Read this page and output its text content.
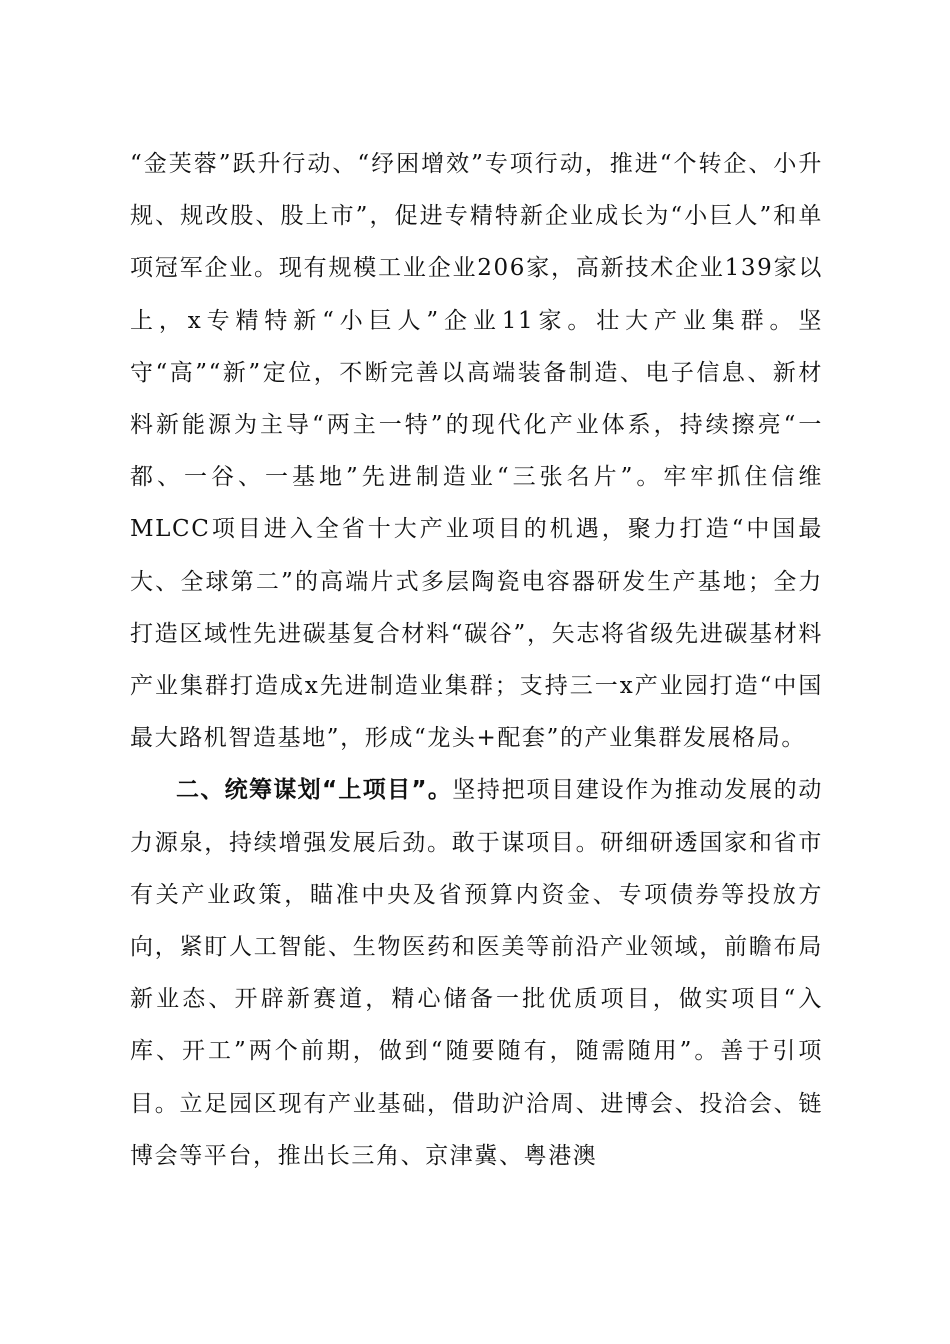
“金芙蓉”跃升行动、“纾困增效”专项行动，推进“个转企、小升规、规改股、股上市”，促进专精特新企业成长为“小巨人”和单项冠军企业。现有规模工业企业206家，高新技术企业139家以上，x专精特新“小巨人”企业11家。壮大产业集群。坚守“高”“新”定位，不断完善以高端装备制造、电子信息、新材料新能源为主导“两主一特”的现代化产业体系，持续擦亮“一都、一谷、一基地”先进制造业“三张名片”。牢牢抓住信维MLCC项目进入全省十大产业项目的机遇，聚力打造“中国最大、全球第二”的高端片式多层陶瓷电容器研发生产基地；全力打造区域性先进碳基复合材料“碳谷”，矢志将省级先进碳基材料产业集群打造成x先进制造业集群；支持三一x产业园打造“中国最大路机智造基地”，形成“龙头+配套”的产业集群发展格局。

二、统筹谋划“上项目”。坚持把项目建设作为推动发展的动力源泉，持续增强发展后劲。敢于谋项目。研细研透国家和省市有关产业政策，瞄准中央及省预算内资金、专项债券等投放方向，紧盯人工智能、生物医药和医美等前沿产业领域，前瞻布局新业态、开辟新赛道，精心储备一批优质项目，做实项目“入库、开工”两个前期，做到“随要随有，随需随用”。善于引项目。立足园区现有产业基础，借助沪洽周、进博会、投洽会、链博会等平台，推出长三角、京津冀、粤港澳
